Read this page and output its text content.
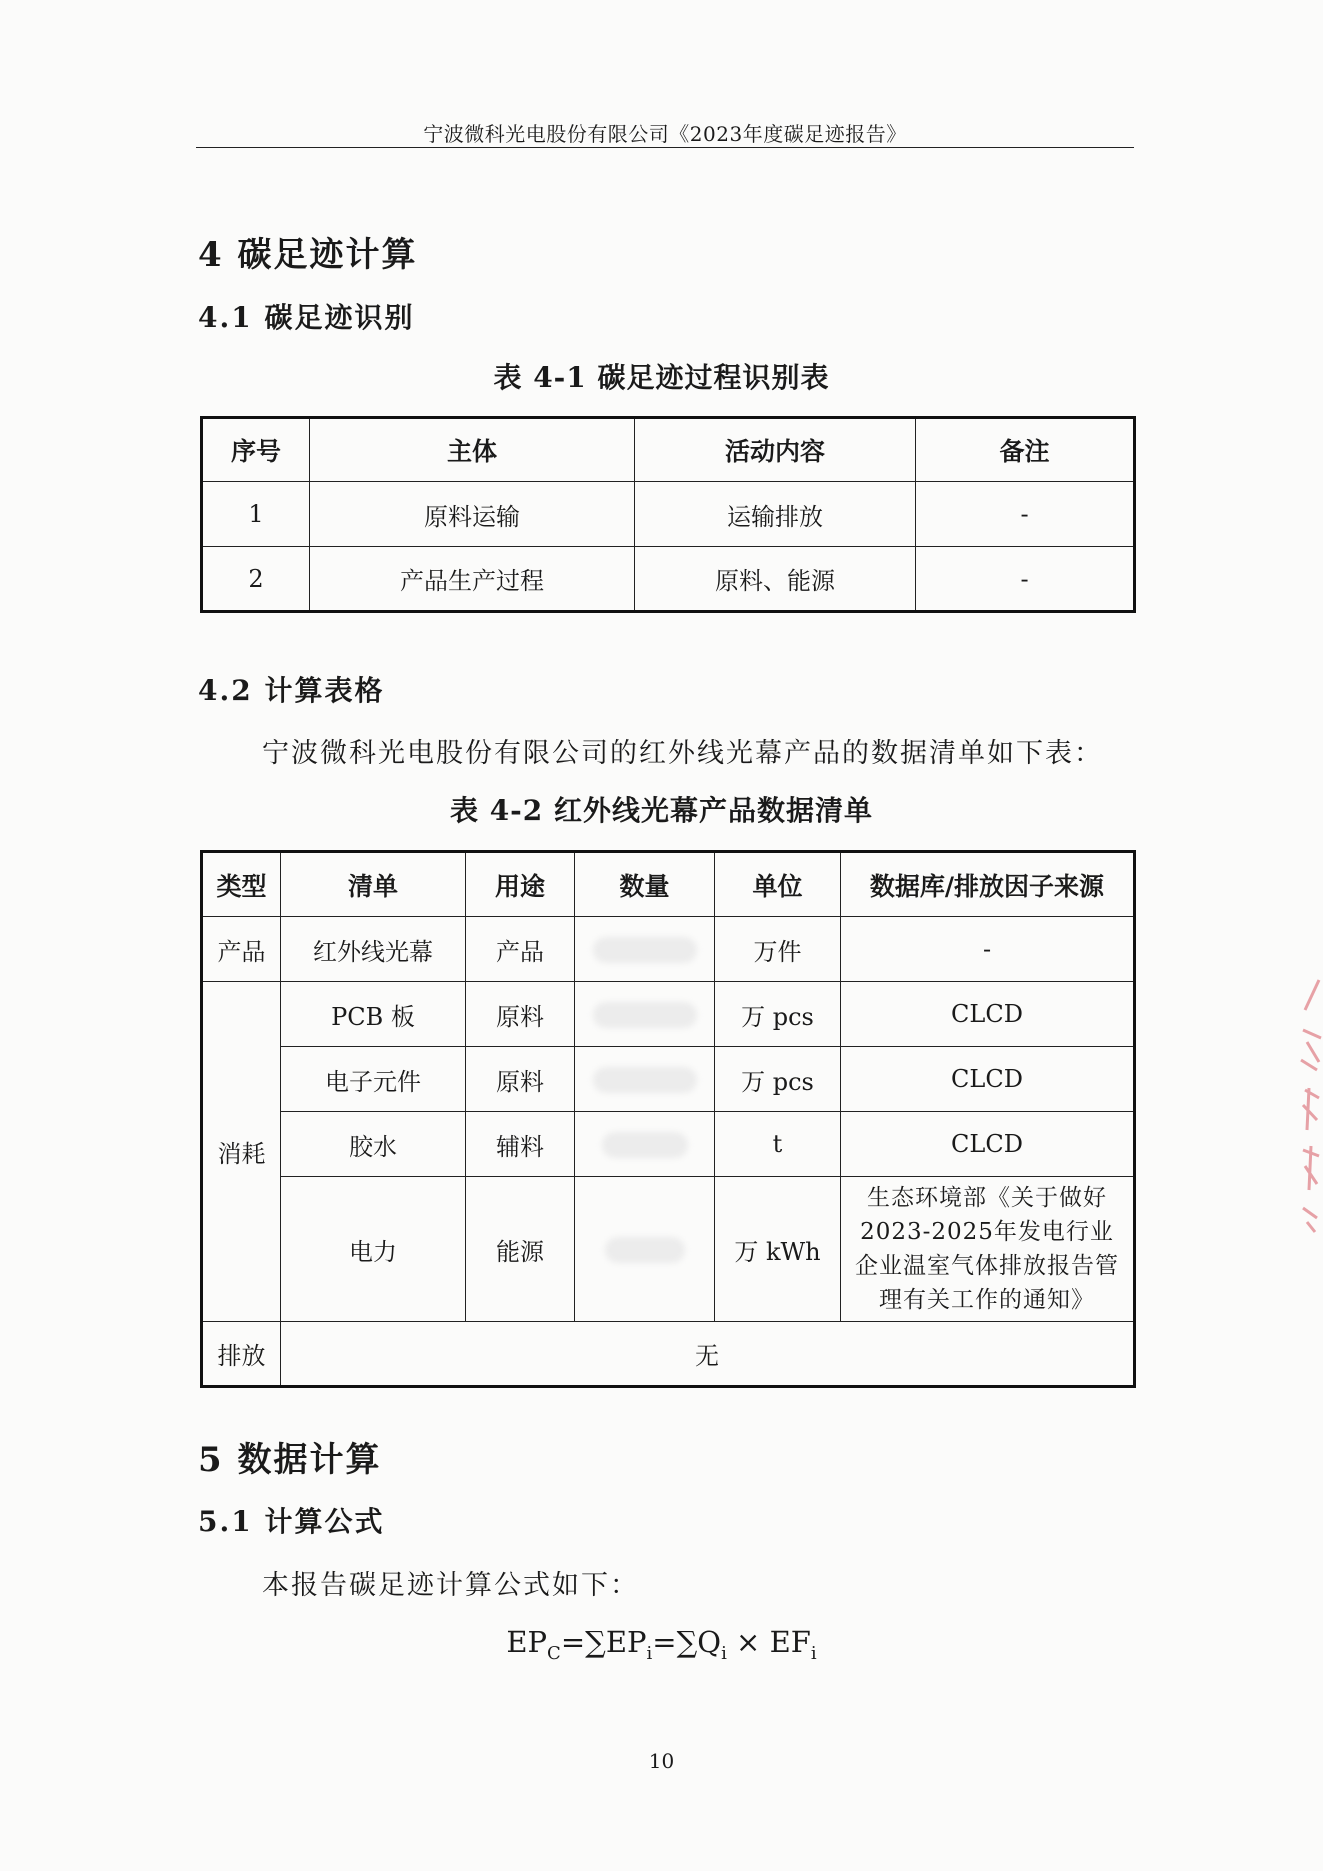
宁波微科光电股份有限公司《2023年度碳足迹报告》
4 碳足迹计算
4.1 碳足迹识别
表 4-1 碳足迹过程识别表
序号	主体	活动内容	备注
1	原料运输	运输排放	-
2	产品生产过程	原料、能源	-
4.2 计算表格
宁波微科光电股份有限公司的红外线光幕产品的数据清单如下表：
表 4-2 红外线光幕产品数据清单
类型	清单	用途	数量	单位	数据库/排放因子来源
产品	红外线光幕	产品		万件	-
消耗	PCB 板	原料		万 pcs	CLCD
	电子元件	原料		万 pcs	CLCD
	胶水	辅料		t	CLCD
	电力	能源		万 kWh	生态环境部《关于做好2023-2025年发电行业企业温室气体排放报告管理有关工作的通知》
排放	无				
5 数据计算
5.1 计算公式
本报告碳足迹计算公式如下：
$EP_C=\sum EP_i=\sum Q_i \times EF_i$
10
